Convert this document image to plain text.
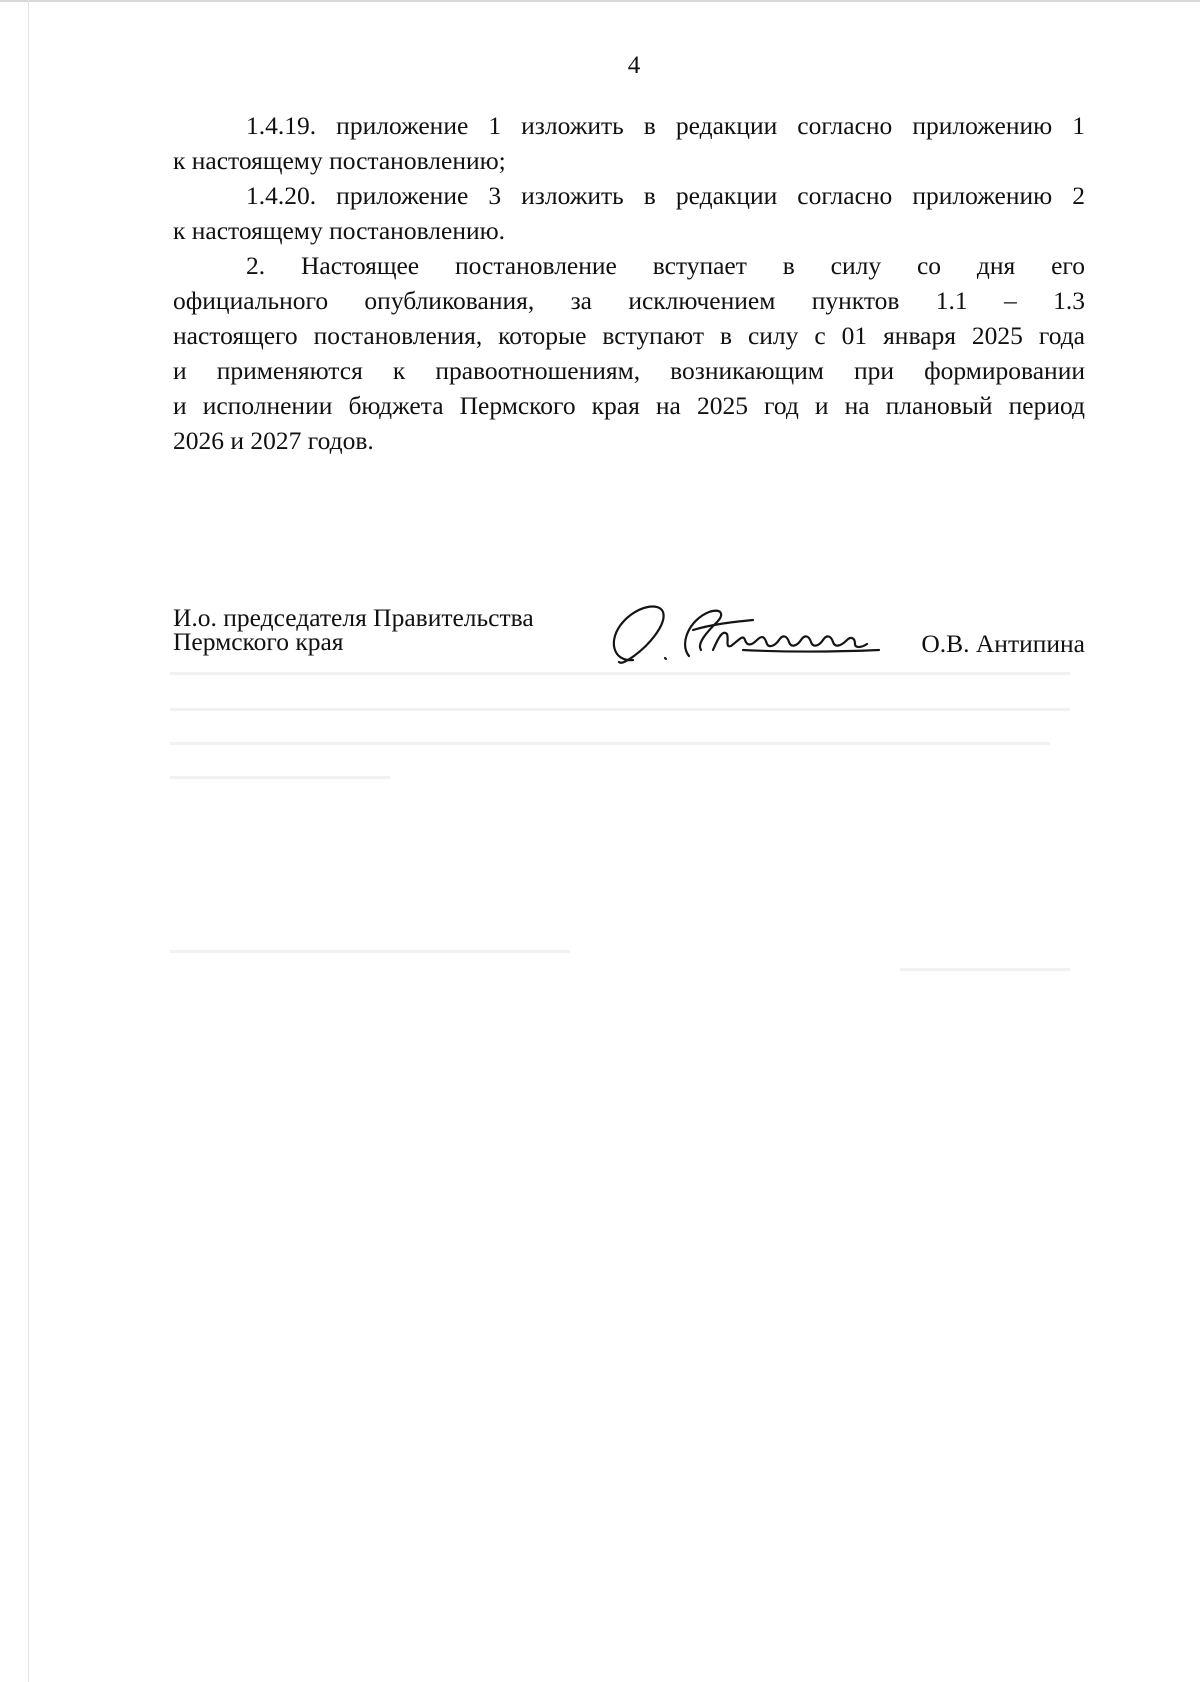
4

1.4.19. приложение 1 изложить в редакции согласно приложению 1
к настоящему постановлению;

1.4.20. приложение 3 изложить в редакции согласно приложению 2
к настоящему постановлению.

2. Настоящее постановление вступает в силу со дня его
официального опубликования, за исключением пунктов 1.1 – 1.3
настоящего постановления, которые вступают в силу с 01 января 2025 года
и применяются к правоотношениям, возникающим при формировании
и исполнении бюджета Пермского края на 2025 год и на плановый период
2026 и 2027 годов.

И.о. председателя Правительства
Пермского края	О.В. Антипина
